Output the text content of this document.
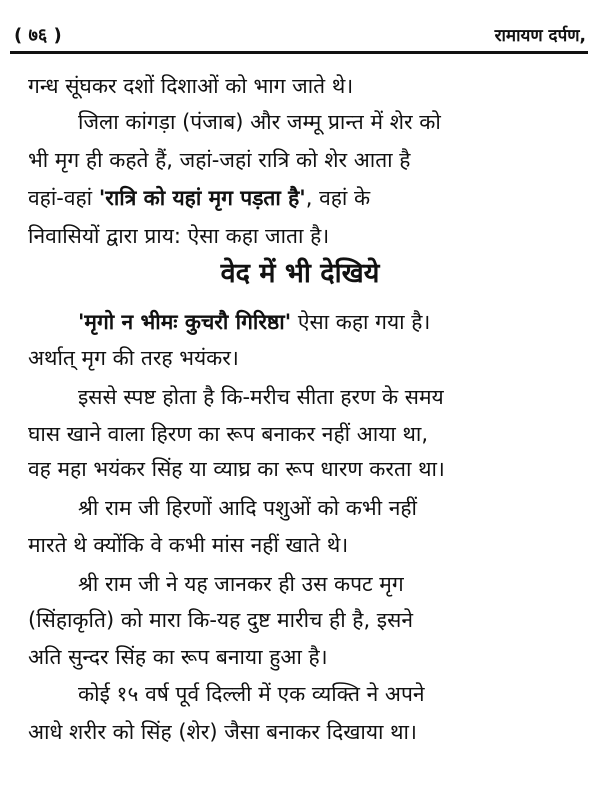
( ७६ )	रामायण दर्पण,
गन्ध सूंघकर दशों दिशाओं को भाग जाते थे।
जिला कांगड़ा (पंजाब) और जम्मू प्रान्त में शेर को
भी मृग ही कहते हैं, जहां-जहां रात्रि को शेर आता है
वहां-वहां 'रात्रि को यहां मृग पड़ता है', वहां के
निवासियों द्वारा प्राय: ऐसा कहा जाता है।
वेद में भी देखिये
'मृगो न भीमः कुचरौ गिरिष्ठा' ऐसा कहा गया है।
अर्थात् मृग की तरह भयंकर।
इससे स्पष्ट होता है कि-मरीच सीता हरण के समय
घास खाने वाला हिरण का रूप बनाकर नहीं आया था,
वह महा भयंकर सिंह या व्याघ्र का रूप धारण करता था।
श्री राम जी हिरणों आदि पशुओं को कभी नहीं
मारते थे क्योंकि वे कभी मांस नहीं खाते थे।
श्री राम जी ने यह जानकर ही उस कपट मृग
(सिंहाकृति) को मारा कि-यह दुष्ट मारीच ही है, इसने
अति सुन्दर सिंह का रूप बनाया हुआ है।
कोई १५ वर्ष पूर्व दिल्ली में एक व्यक्ति ने अपने
आधे शरीर को सिंह (शेर) जैसा बनाकर दिखाया था।
